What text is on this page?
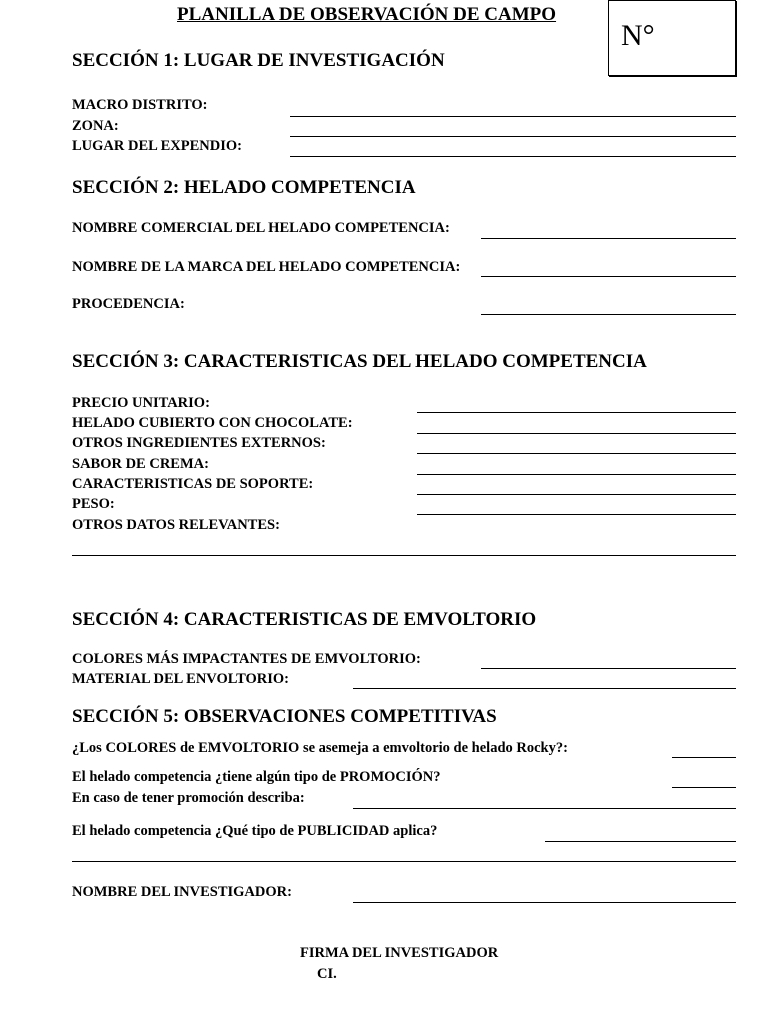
PLANILLA DE OBSERVACIÓN DE CAMPO
N°
SECCIÓN 1: LUGAR DE INVESTIGACIÓN
MACRO DISTRITO:
ZONA:
LUGAR DEL EXPENDIO:
SECCIÓN 2: HELADO COMPETENCIA
NOMBRE COMERCIAL DEL HELADO COMPETENCIA:
NOMBRE DE LA MARCA DEL HELADO COMPETENCIA:
PROCEDENCIA:
SECCIÓN 3: CARACTERISTICAS DEL HELADO COMPETENCIA
PRECIO UNITARIO:
HELADO CUBIERTO CON CHOCOLATE:
OTROS INGREDIENTES EXTERNOS:
SABOR DE CREMA:
CARACTERISTICAS DE SOPORTE:
PESO:
OTROS DATOS RELEVANTES:
SECCIÓN 4: CARACTERISTICAS DE EMVOLTORIO
COLORES MÁS IMPACTANTES DE EMVOLTORIO:
MATERIAL DEL ENVOLTORIO:
SECCIÓN 5: OBSERVACIONES COMPETITIVAS
¿Los COLORES de EMVOLTORIO se asemeja a emvoltorio de helado Rocky?:
El helado competencia ¿tiene algún tipo de PROMOCIÓN?
En caso de tener promoción describa:
El helado competencia ¿Qué tipo de PUBLICIDAD aplica?
NOMBRE DEL INVESTIGADOR:
FIRMA DEL INVESTIGADOR
CI.
